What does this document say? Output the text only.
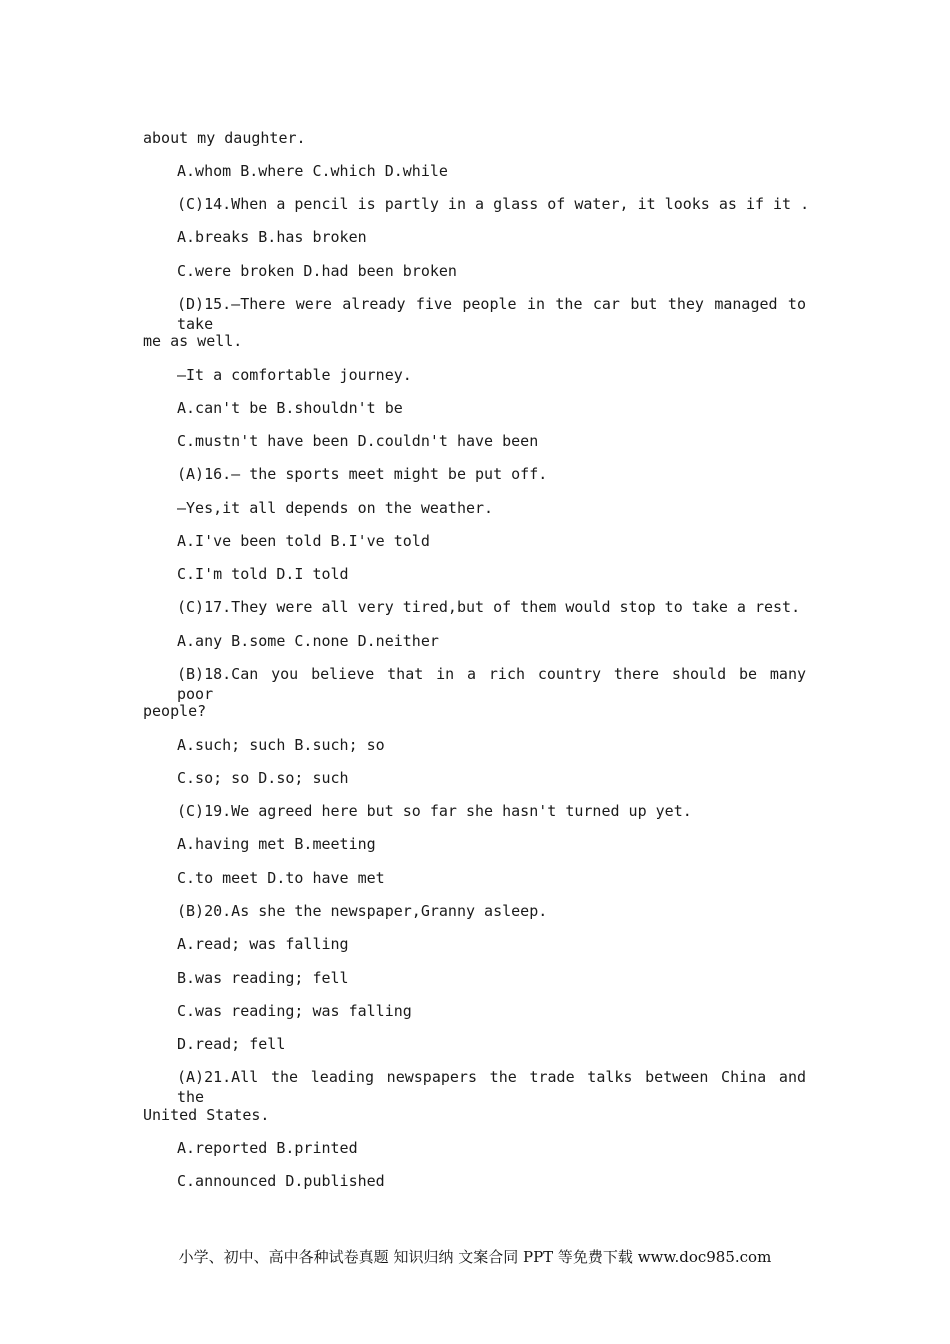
about my daughter.
A.whom B.where C.which D.while
(C)14.When a pencil is partly in a glass of water, it looks as if it .
A.breaks B.has broken
C.were broken D.had been broken
(D)15.—There were already five people in the car but they managed to take
me as well.
—It a comfortable journey.
A.can't be B.shouldn't be
C.mustn't have been D.couldn't have been
(A)16.— the sports meet might be put off.
—Yes,it all depends on the weather.
A.I've been told B.I've told
C.I'm told D.I told
(C)17.They were all very tired,but of them would stop to take a rest.
A.any B.some C.none D.neither
(B)18.Can you believe that in a rich country there should be many poor
people?
A.such; such B.such; so
C.so; so D.so; such
(C)19.We agreed here but so far she hasn't turned up yet.
A.having met B.meeting
C.to meet D.to have met
(B)20.As she the newspaper,Granny asleep.
A.read; was falling
B.was reading; fell
C.was reading; was falling
D.read; fell
(A)21.All the leading newspapers the trade talks between China and the
United States.
A.reported B.printed
C.announced D.published
小学、初中、高中各种试卷真题 知识归纳 文案合同 PPT 等免费下载 www.doc985.com
